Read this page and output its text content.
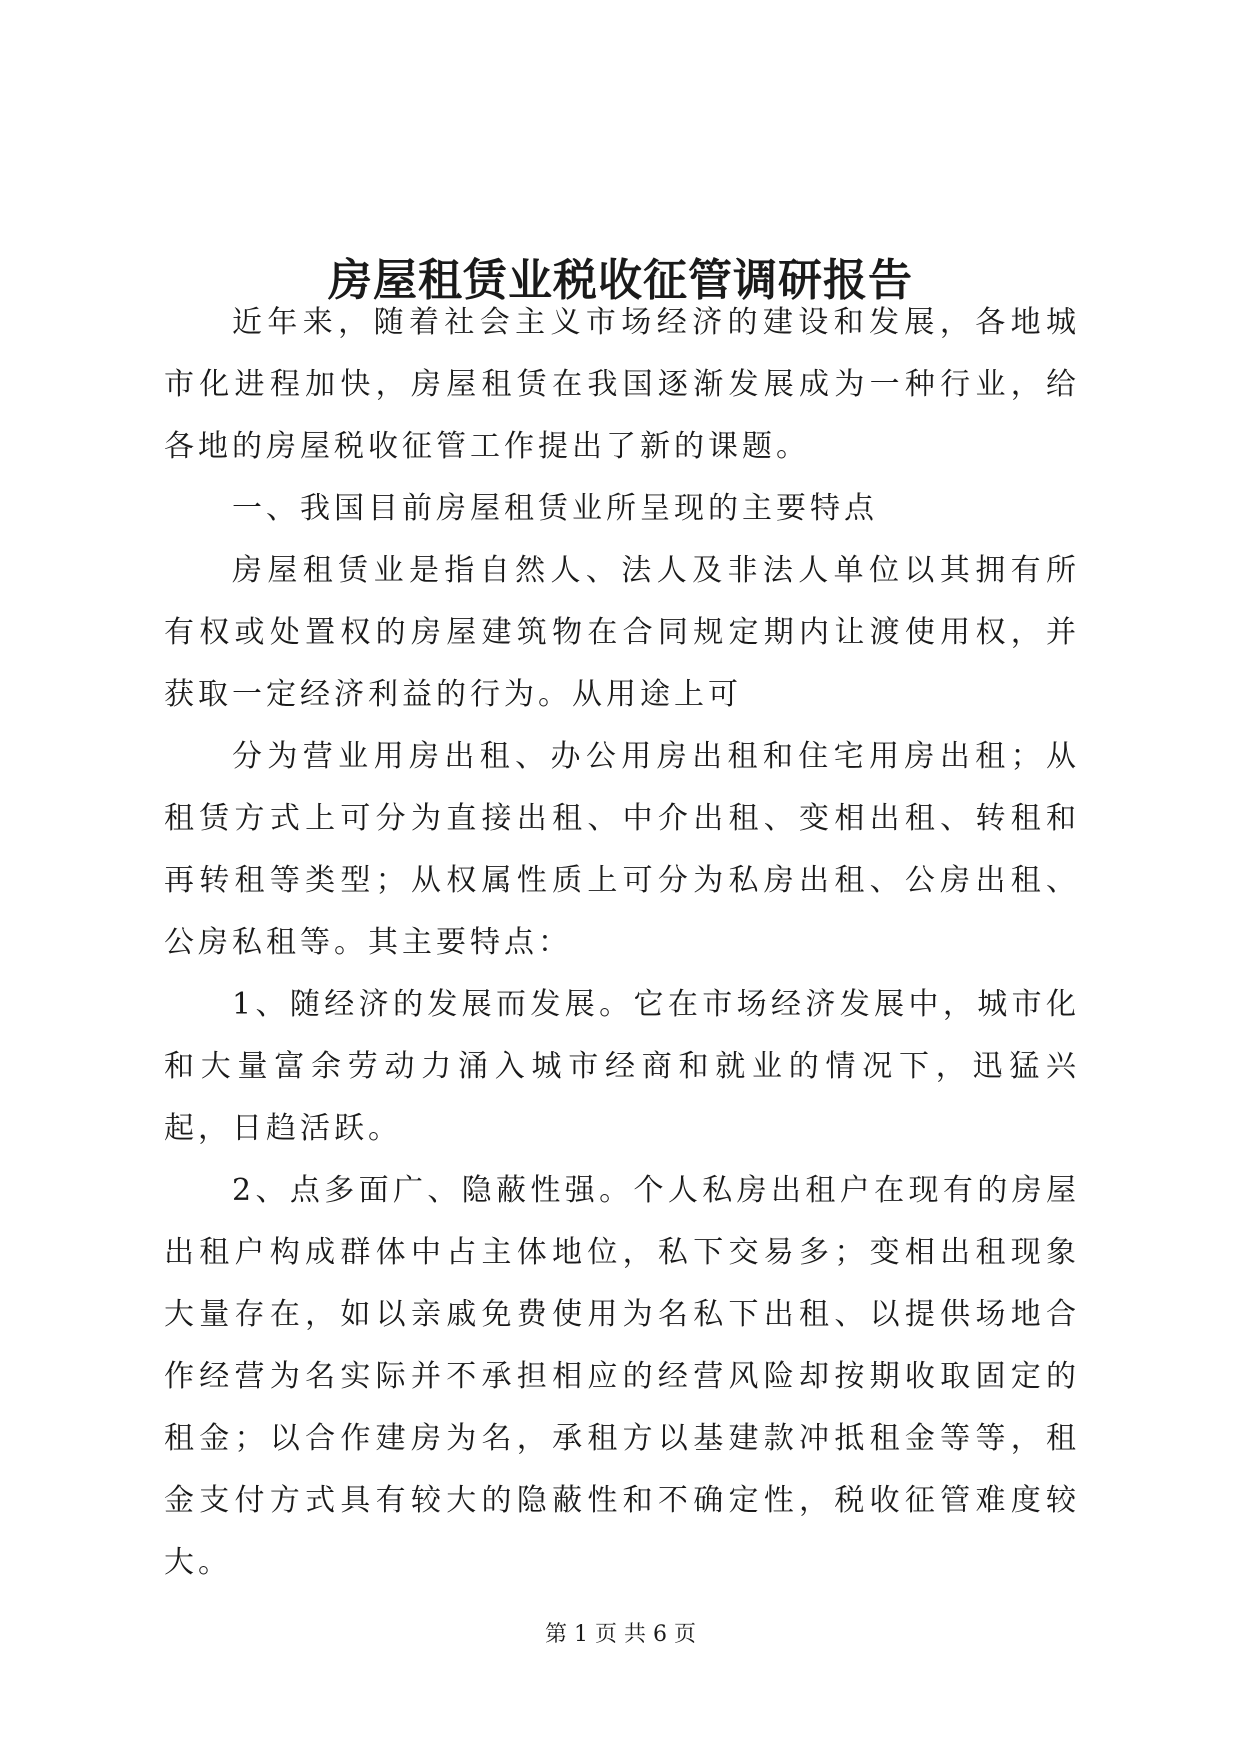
房屋租赁业税收征管调研报告

近年来，随着社会主义市场经济的建设和发展，各地城市化进程加快，房屋租赁在我国逐渐发展成为一种行业，给各地的房屋税收征管工作提出了新的课题。

一、我国目前房屋租赁业所呈现的主要特点

房屋租赁业是指自然人、法人及非法人单位以其拥有所有权或处置权的房屋建筑物在合同规定期内让渡使用权，并获取一定经济利益的行为。从用途上可

分为营业用房出租、办公用房出租和住宅用房出租；从租赁方式上可分为直接出租、中介出租、变相出租、转租和再转租等类型；从权属性质上可分为私房出租、公房出租、公房私租等。其主要特点：

1、随经济的发展而发展。它在市场经济发展中，城市化和大量富余劳动力涌入城市经商和就业的情况下，迅猛兴起，日趋活跃。

2、点多面广、隐蔽性强。个人私房出租户在现有的房屋出租户构成群体中占主体地位，私下交易多；变相出租现象大量存在，如以亲戚免费使用为名私下出租、以提供场地合作经营为名实际并不承担相应的经营风险却按期收取固定的租金；以合作建房为名，承租方以基建款冲抵租金等等，租金支付方式具有较大的隐蔽性和不确定性，税收征管难度较大。

第 1 页 共 6 页
